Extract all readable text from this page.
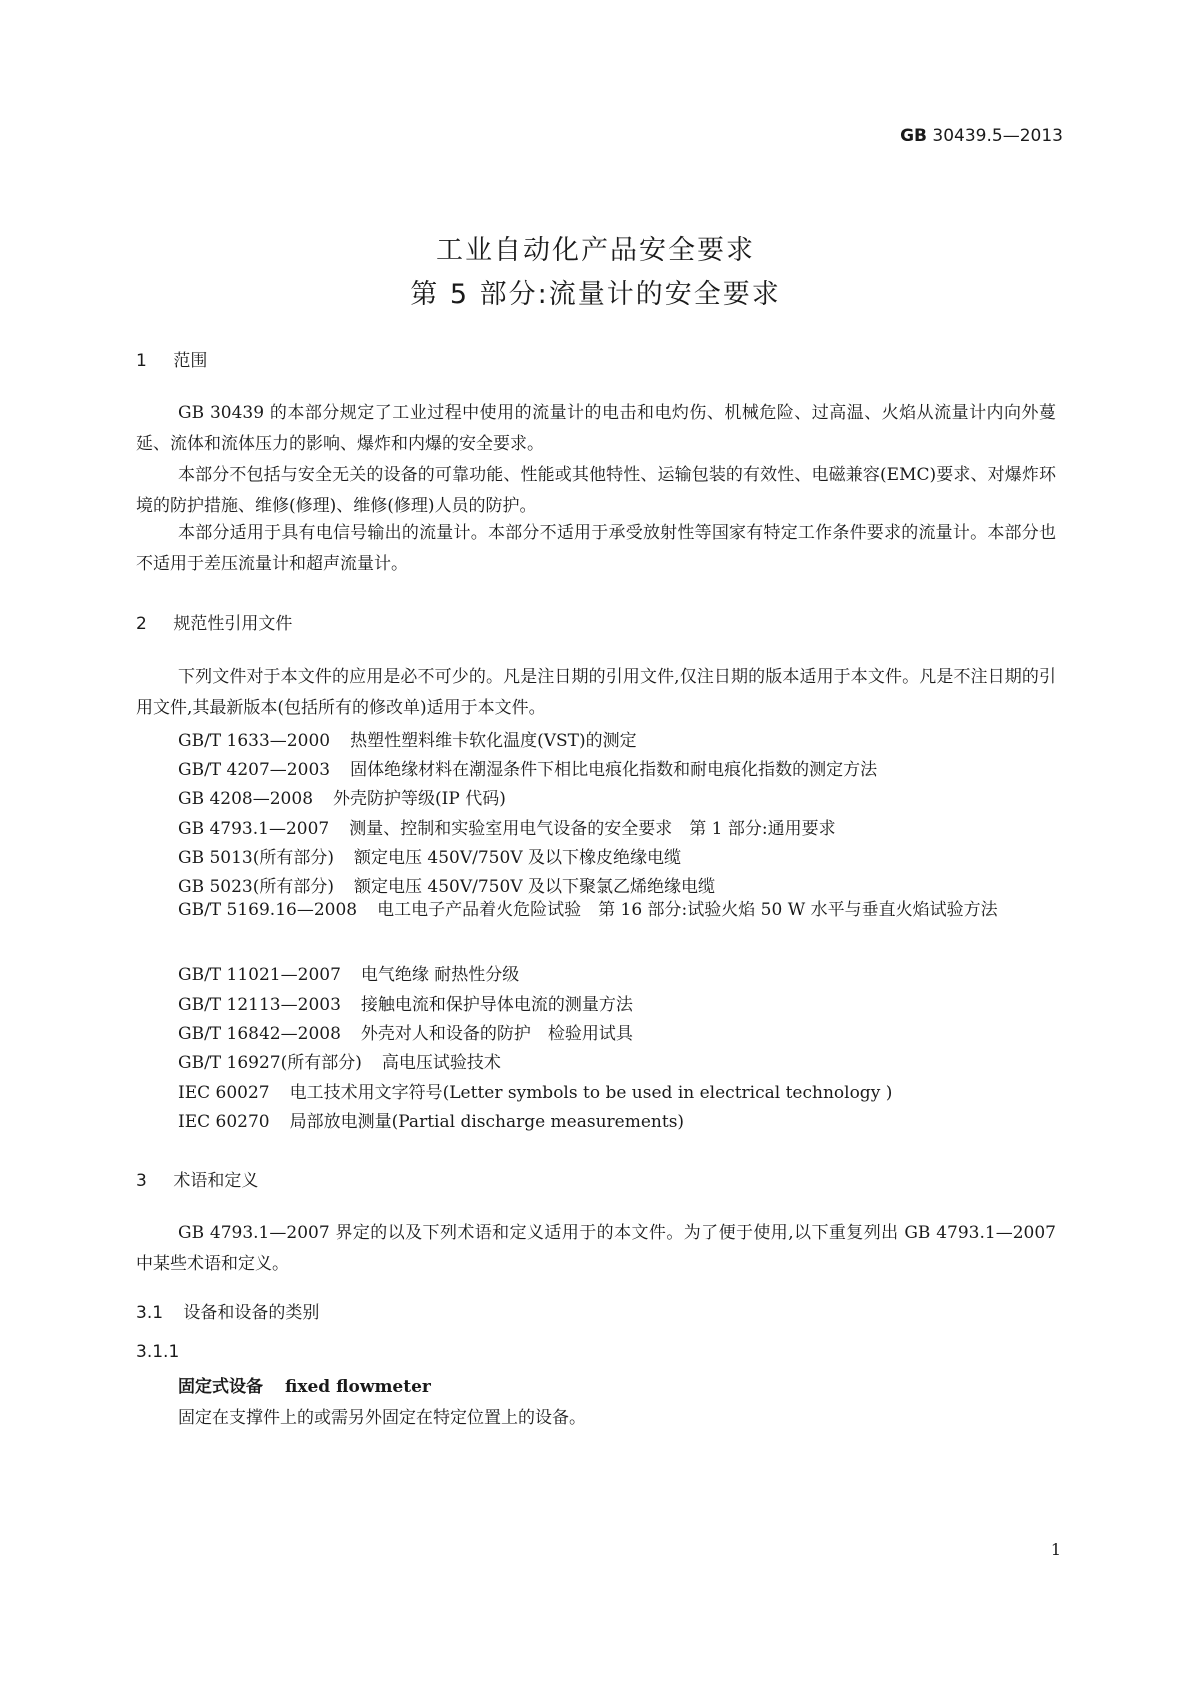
GB 30439.5—2013
工业自动化产品安全要求
第 5 部分:流量计的安全要求
1 范围

GB 30439 的本部分规定了工业过程中使用的流量计的电击和电灼伤、机械危险、过高温、火焰从流量计内向外蔓延、流体和流体压力的影响、爆炸和内爆的安全要求。

本部分不包括与安全无关的设备的可靠功能、性能或其他特性、运输包装的有效性、电磁兼容(EMC)要求、对爆炸环境的防护措施、维修(修理)、维修(修理)人员的防护。

本部分适用于具有电信号输出的流量计。本部分不适用于承受放射性等国家有特定工作条件要求的流量计。本部分也不适用于差压流量计和超声流量计。

2 规范性引用文件

下列文件对于本文件的应用是必不可少的。凡是注日期的引用文件,仅注日期的版本适用于本文件。凡是不注日期的引用文件,其最新版本(包括所有的修改单)适用于本文件。

GB/T 1633—2000 热塑性塑料维卡软化温度(VST)的测定
GB/T 4207—2003 固体绝缘材料在潮湿条件下相比电痕化指数和耐电痕化指数的测定方法
GB 4208—2008 外壳防护等级(IP 代码)
GB 4793.1—2007 测量、控制和实验室用电气设备的安全要求　第 1 部分:通用要求
GB 5013(所有部分) 额定电压 450V/750V 及以下橡皮绝缘电缆
GB 5023(所有部分) 额定电压 450V/750V 及以下聚氯乙烯绝缘电缆

GB/T 5169.16—2008 电工电子产品着火危险试验　第 16 部分:试验火焰 50 W 水平与垂直火焰试验方法

GB/T 11021—2007 电气绝缘 耐热性分级
GB/T 12113—2003 接触电流和保护导体电流的测量方法
GB/T 16842—2008 外壳对人和设备的防护　检验用试具
GB/T 16927(所有部分) 高电压试验技术
IEC 60027 电工技术用文字符号(Letter symbols to be used in electrical technology )
IEC 60270 局部放电测量(Partial discharge measurements)
3 术语和定义

GB 4793.1—2007 界定的以及下列术语和定义适用于的本文件。为了便于使用,以下重复列出 GB 4793.1—2007 中某些术语和定义。

3.1 设备和设备的类别
3.1.1
固定式设备 fixed flowmeter
固定在支撑件上的或需另外固定在特定位置上的设备。
1
